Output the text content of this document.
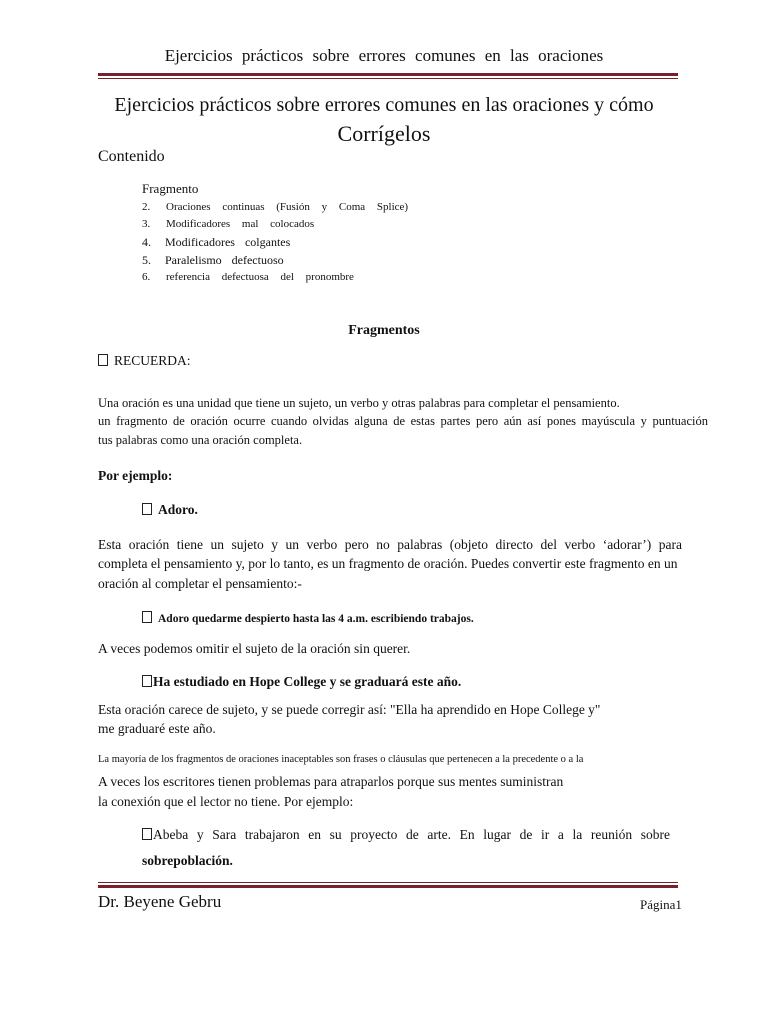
Ejercicios prácticos sobre errores comunes en las oraciones
Ejercicios prácticos sobre errores comunes en las oraciones y cómo
Corrígelos
Contenido
Fragmento
2. Oraciones continuas (Fusión y Coma Splice)
3. Modificadores mal colocados
4. Modificadores colgantes
5. Paralelismo defectuoso
6. referencia defectuosa del pronombre
Fragmentos
RECUERDA:
Una oración es una unidad que tiene un sujeto, un verbo y otras palabras para completar el pensamiento.
un fragmento de oración ocurre cuando olvidas alguna de estas partes pero aún así pones mayúscula y puntuación
tus palabras como una oración completa.
Por ejemplo:
Adoro.
Esta oración tiene un sujeto y un verbo pero no palabras (objeto directo del verbo ‘adorar’) para
completa el pensamiento y, por lo tanto, es un fragmento de oración. Puedes convertir este fragmento en un
oración al completar el pensamiento:-
Adoro quedarme despierto hasta las 4 a.m. escribiendo trabajos.
A veces podemos omitir el sujeto de la oración sin querer.
Ha estudiado en Hope College y se graduará este año.
Esta oración carece de sujeto, y se puede corregir así: "Ella ha aprendido en Hope College y"
me graduaré este año.
La mayoría de los fragmentos de oraciones inaceptables son frases o cláusulas que pertenecen a la precedente o a la
A veces los escritores tienen problemas para atraparlos porque sus mentes suministran
la conexión que el lector no tiene. Por ejemplo:
Abeba y Sara trabajaron en su proyecto de arte. En lugar de ir a la reunión sobre
sobrepoblación.
Dr. Beyene Gebru	Página1
